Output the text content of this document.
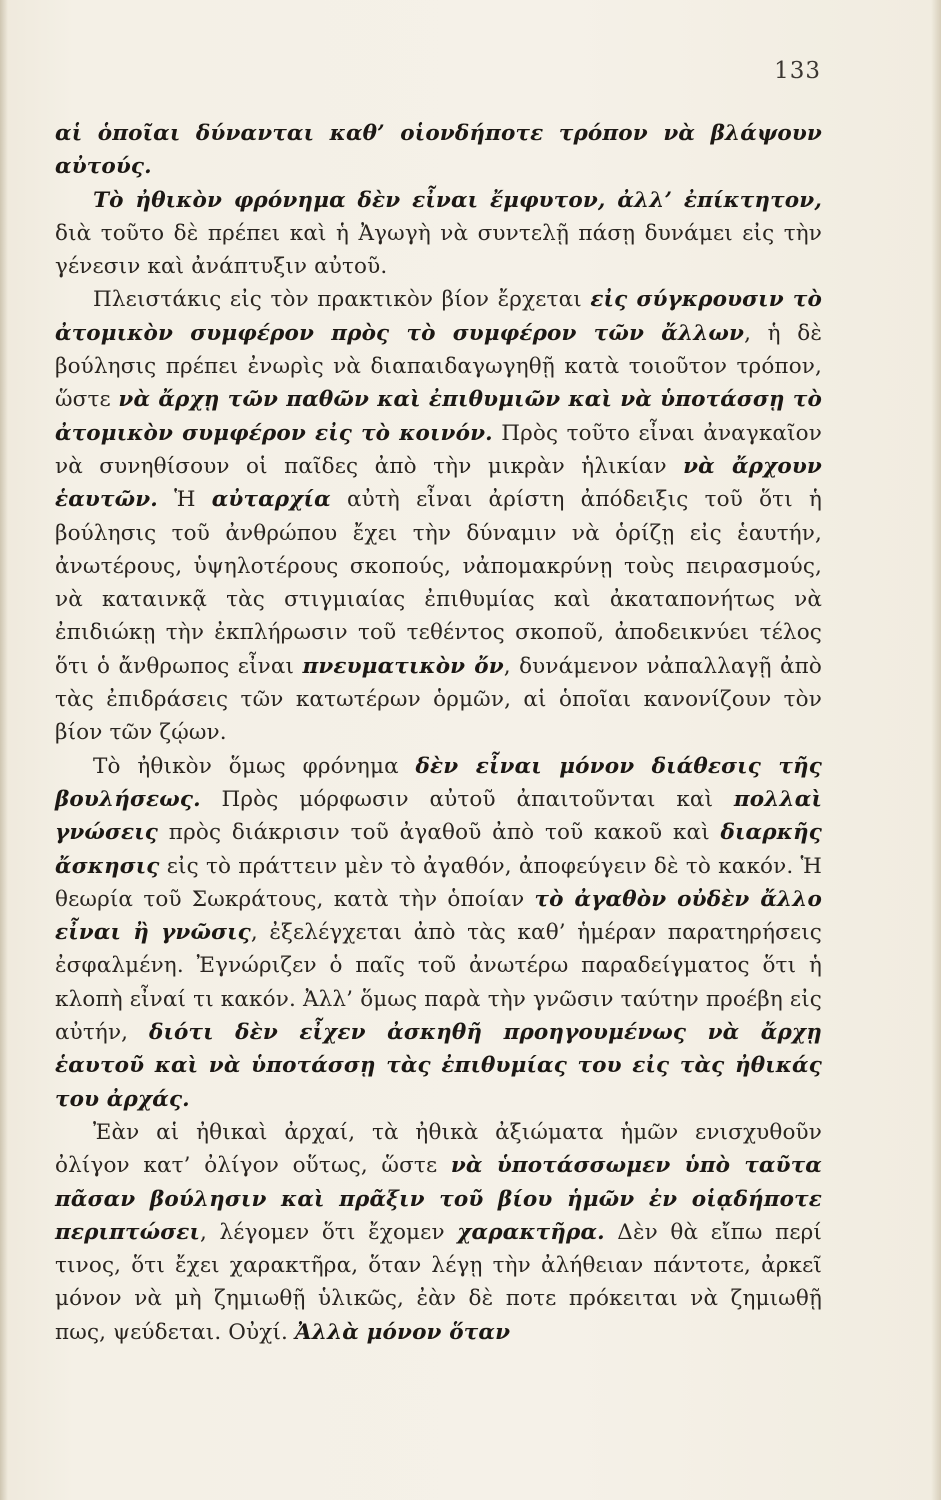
133

αἱ ὁποῖαι δύνανται καθ’ οἱονδήποτε τρόπον νὰ βλάψουν αὐτούς.

Τὸ ἠθικὸν φρόνημα δὲν εἶναι ἔμφυτον, ἀλλ’ ἐπίκτητον, διὰ τοῦτο δὲ πρέπει καὶ ἡ Ἀγωγὴ νὰ συντελῇ πάσῃ δυνάμει εἰς τὴν γένεσιν καὶ ἀνάπτυξιν αὐτοῦ.

Πλειστάκις εἰς τὸν πρακτικὸν βίον ἔρχεται εἰς σύγκρουσιν τὸ ἀτομικὸν συμφέρον πρὸς τὸ συμφέρον τῶν ἄλλων, ἡ δὲ βούλησις πρέπει ἐνωρὶς νὰ διαπαιδαγωγηθῇ κατὰ τοιοῦτον τρόπον, ὥστε νὰ ἄρχῃ τῶν παθῶν καὶ ἐπιθυμιῶν καὶ νὰ ὑποτάσσῃ τὸ ἀτομικὸν συμφέρον εἰς τὸ κοινόν. Πρὸς τοῦτο εἶναι ἀναγκαῖον νὰ συνηθίσουν οἱ παῖδες ἀπὸ τὴν μικρὰν ἡλικίαν νὰ ἄρχουν ἑαυτῶν. Ἡ αὐταρχία αὐτὴ εἶναι ἀρίστη ἀπόδειξις τοῦ ὅτι ἡ βούλησις τοῦ ἀνθρώπου ἔχει τὴν δύναμιν νὰ ὁρίζῃ εἰς ἑαυτήν, ἀνωτέρους, ὑψηλοτέρους σκοπούς, νἀπομακρύνῃ τοὺς πειρασμούς, νὰ καταινκᾷ τὰς στιγμιαίας ἐπιθυμίας καὶ ἀκαταπονήτως νὰ ἐπιδιώκῃ τὴν ἐκπλήρωσιν τοῦ τεθέντος σκοποῦ, ἀποδεικνύει τέλος ὅτι ὁ ἄνθρωπος εἶναι πνευματικὸν ὄν, δυνάμενον νἀπαλλαγῇ ἀπὸ τὰς ἐπιδράσεις τῶν κατωτέρων ὁρμῶν, αἱ ὁποῖαι κανονίζουν τὸν βίον τῶν ζῴων.

Τὸ ἠθικὸν ὅμως φρόνημα δὲν εἶναι μόνον διάθεσις τῆς βουλήσεως. Πρὸς μόρφωσιν αὐτοῦ ἀπαιτοῦνται καὶ πολλαὶ γνώσεις πρὸς διάκρισιν τοῦ ἀγαθοῦ ἀπὸ τοῦ κακοῦ καὶ διαρκῆς ἄσκησις εἰς τὸ πράττειν μὲν τὸ ἀγαθόν, ἀποφεύγειν δὲ τὸ κακόν. Ἡ θεωρία τοῦ Σωκράτους, κατὰ τὴν ὁποίαν τὸ ἀγαθὸν οὐδὲν ἄλλο εἶναι ἢ γνῶσις, ἐξελέγχεται ἀπὸ τὰς καθ’ ἡμέραν παρατηρήσεις ἐσφαλμένη. Ἐγνώριζεν ὁ παῖς τοῦ ἀνωτέρω παραδείγματος ὅτι ἡ κλοπὴ εἶναί τι κακόν. Ἀλλ’ ὅμως παρὰ τὴν γνῶσιν ταύτην προέβη εἰς αὐτήν, διότι δὲν εἶχεν ἀσκηθῆ προηγουμένως νὰ ἄρχῃ ἑαυτοῦ καὶ νὰ ὑποτάσσῃ τὰς ἐπιθυμίας του εἰς τὰς ἠθικάς του ἀρχάς.

Ἐὰν αἱ ἠθικαὶ ἀρχαί, τὰ ἠθικὰ ἀξιώματα ἡμῶν ενισχυθοῦν ὀλίγον κατ’ ὀλίγον οὕτως, ὥστε νὰ ὑποτάσσωμεν ὑπὸ ταῦτα πᾶσαν βούλησιν καὶ πρᾶξιν τοῦ βίου ἡμῶν ἐν οἱᾳδήποτε περιπτώσει, λέγομεν ὅτι ἔχομεν χαρακτῆρα. Δὲν θὰ εἴπω περί τινος, ὅτι ἔχει χαρακτῆρα, ὅταν λέγῃ τὴν ἀλήθειαν πάντοτε, ἀρκεῖ μόνον νὰ μὴ ζημιωθῇ ὑλικῶς, ἐὰν δὲ ποτε πρόκειται νὰ ζημιωθῇ πως, ψεύδεται. Οὐχί. Ἀλλὰ μόνον ὅταν
